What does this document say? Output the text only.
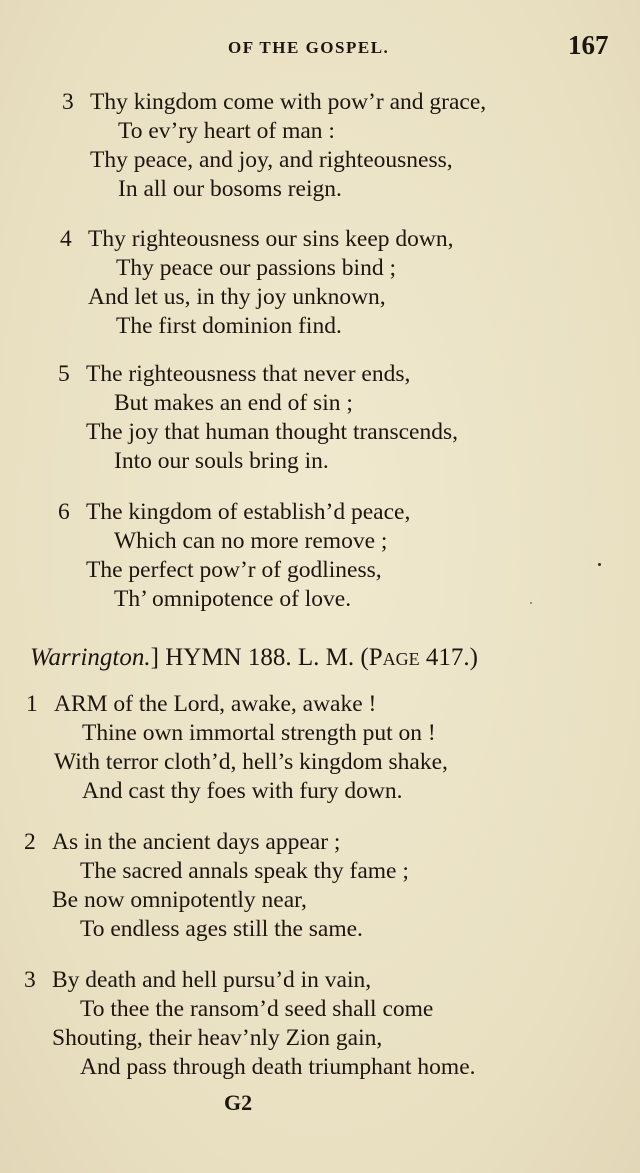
OF THE GOSPEL.	167
3 Thy kingdom come with pow’r and grace,
To ev’ry heart of man :
Thy peace, and joy, and righteousness,
In all our bosoms reign.
4 Thy righteousness our sins keep down,
Thy peace our passions bind ;
And let us, in thy joy unknown,
The first dominion find.
5 The righteousness that never ends,
But makes an end of sin ;
The joy that human thought transcends,
Into our souls bring in.
6 The kingdom of establish’d peace,
Which can no more remove ;
The perfect pow’r of godliness,
Th’ omnipotence of love.
Warrington.] HYMN 188. L. M. (Page 417.)
1 ARM of the Lord, awake, awake !
Thine own immortal strength put on !
With terror cloth’d, hell’s kingdom shake,
And cast thy foes with fury down.
2 As in the ancient days appear ;
The sacred annals speak thy fame ;
Be now omnipotently near,
To endless ages still the same.
3 By death and hell pursu’d in vain,
To thee the ransom’d seed shall come
Shouting, their heav’nly Zion gain,
And pass through death triumphant home.
G2
